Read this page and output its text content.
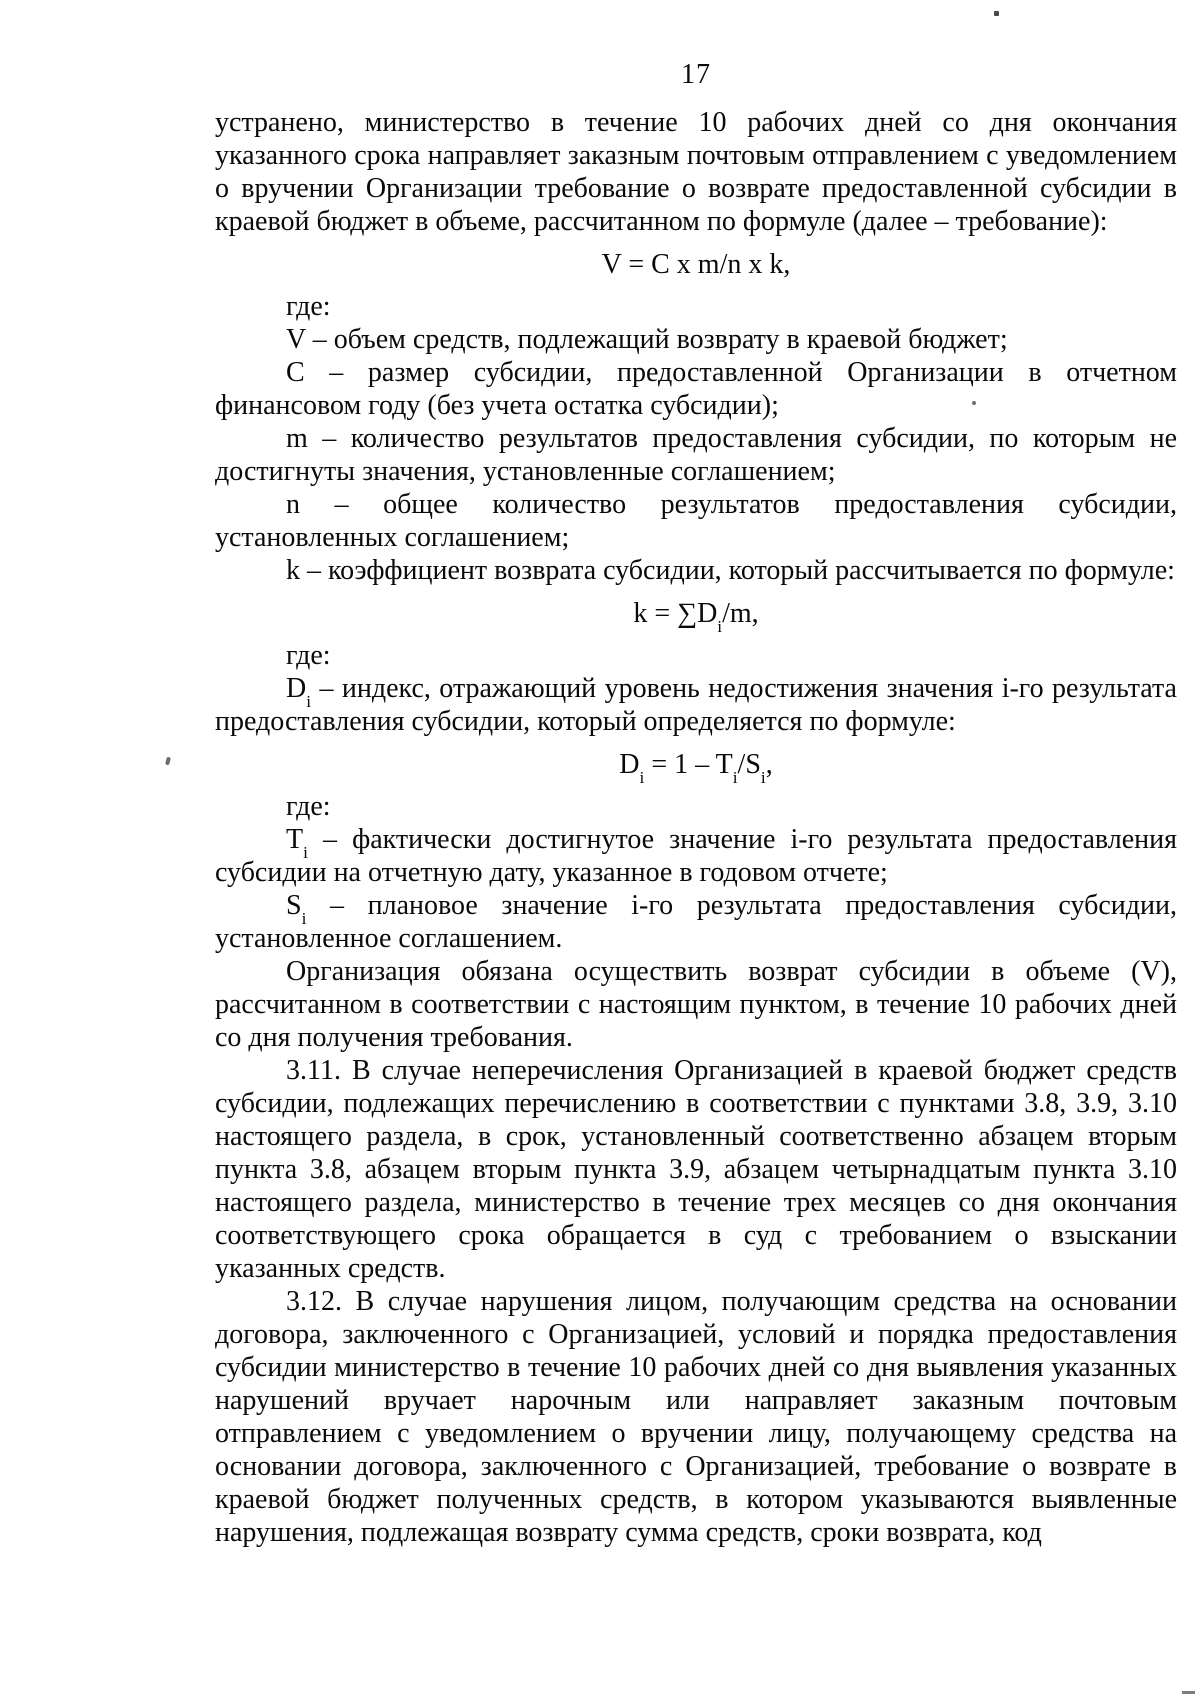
17

устранено, министерство в течение 10 рабочих дней со дня окончания указанного срока направляет заказным почтовым отправлением с уведомлением о вручении Организации требование о возврате предоставленной субсидии в краевой бюджет в объеме, рассчитанном по формуле (далее – требование):

V = C x m/n x k,

где:

V – объем средств, подлежащий возврату в краевой бюджет;

С – размер субсидии, предоставленной Организации в отчетном финансовом году (без учета остатка субсидии);

m – количество результатов предоставления субсидии, по которым не достигнуты значения, установленные соглашением;

n – общее количество результатов предоставления субсидии, установленных соглашением;

k – коэффициент возврата субсидии, который рассчитывается по формуле:

$k = \sum D_i/m$,

где:

$D_i$ – индекс, отражающий уровень недостижения значения i-го результата предоставления субсидии, который определяется по формуле:

$D_i = 1 - T_i/S_i$,

где:

$T_i$ – фактически достигнутое значение i-го результата предоставления субсидии на отчетную дату, указанное в годовом отчете;

$S_i$ – плановое значение i-го результата предоставления субсидии, установленное соглашением.

Организация обязана осуществить возврат субсидии в объеме (V), рассчитанном в соответствии с настоящим пунктом, в течение 10 рабочих дней со дня получения требования.

3.11. В случае неперечисления Организацией в краевой бюджет средств субсидии, подлежащих перечислению в соответствии с пунктами 3.8, 3.9, 3.10 настоящего раздела, в срок, установленный соответственно абзацем вторым пункта 3.8, абзацем вторым пункта 3.9, абзацем четырнадцатым пункта 3.10 настоящего раздела, министерство в течение трех месяцев со дня окончания соответствующего срока обращается в суд с требованием о взыскании указанных средств.

3.12. В случае нарушения лицом, получающим средства на основании договора, заключенного с Организацией, условий и порядка предоставления субсидии министерство в течение 10 рабочих дней со дня выявления указанных нарушений вручает нарочным или направляет заказным почтовым отправлением с уведомлением о вручении лицу, получающему средства на основании договора, заключенного с Организацией, требование о возврате в краевой бюджет полученных средств, в котором указываются выявленные нарушения, подлежащая возврату сумма средств, сроки возврата, код
